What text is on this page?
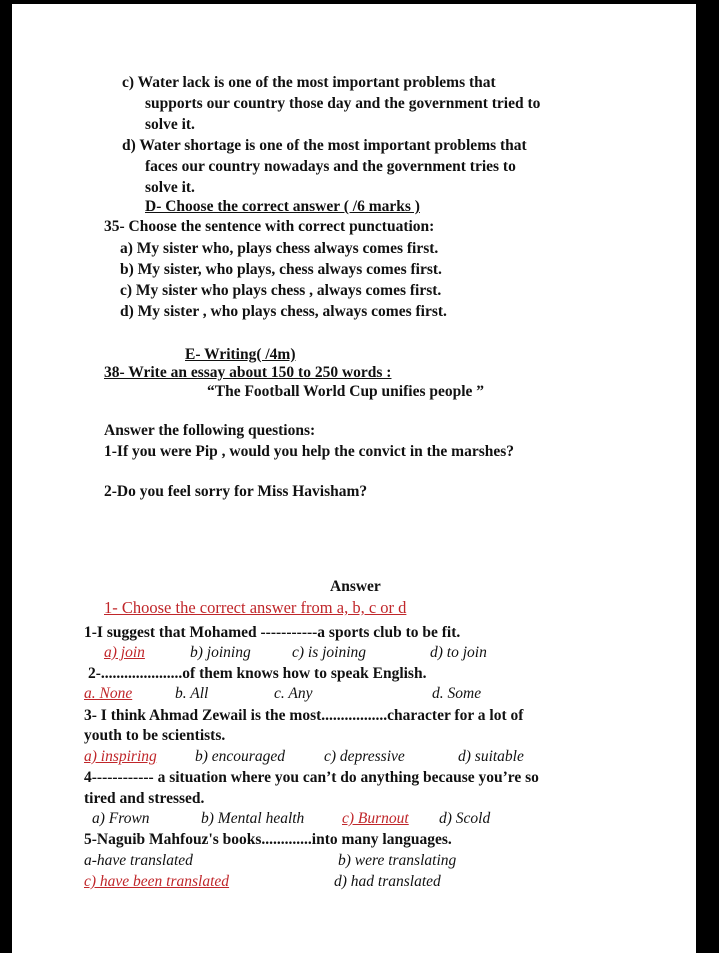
c) Water lack is one of the most important problems that
supports our country those day and the government tried to
solve it.
d) Water shortage is one of the most important problems that
faces our country nowadays and the government tries to
solve it.
D- Choose the correct answer ( /6 marks )
35- Choose the sentence with correct punctuation:
a) My sister who, plays chess always comes first.
b) My sister, who plays, chess always comes first.
c) My sister who plays chess , always comes first.
d) My sister , who plays chess, always comes first.
E- Writing( /4m)
38- Write an essay about 150 to 250 words :
“The Football World Cup unifies people ”
Answer the following questions:
1-If you were Pip , would you help the convict in the marshes?
2-Do you feel sorry for Miss Havisham?
Answer
1- Choose the correct answer from a, b, c or d
1-I suggest that Mohamed -----------a sports club to be fit.
a) join	b) joining	c) is joining	d) to join
2-.....................of them knows how to speak English.
a. None	b. All	c. Any	d. Some
3- I think Ahmad Zewail is the most.................character for a lot of
youth to be scientists.
a) inspiring b) encouraged	c) depressive	d) suitable
4------------ a situation where you can’t do anything because you’re so
tired and stressed.
a) Frown	b) Mental health c) Burnout d) Scold
5-Naguib Mahfouz's books.............into many languages.
a-have translated	b) were translating
c) have been translated	d) had translated
